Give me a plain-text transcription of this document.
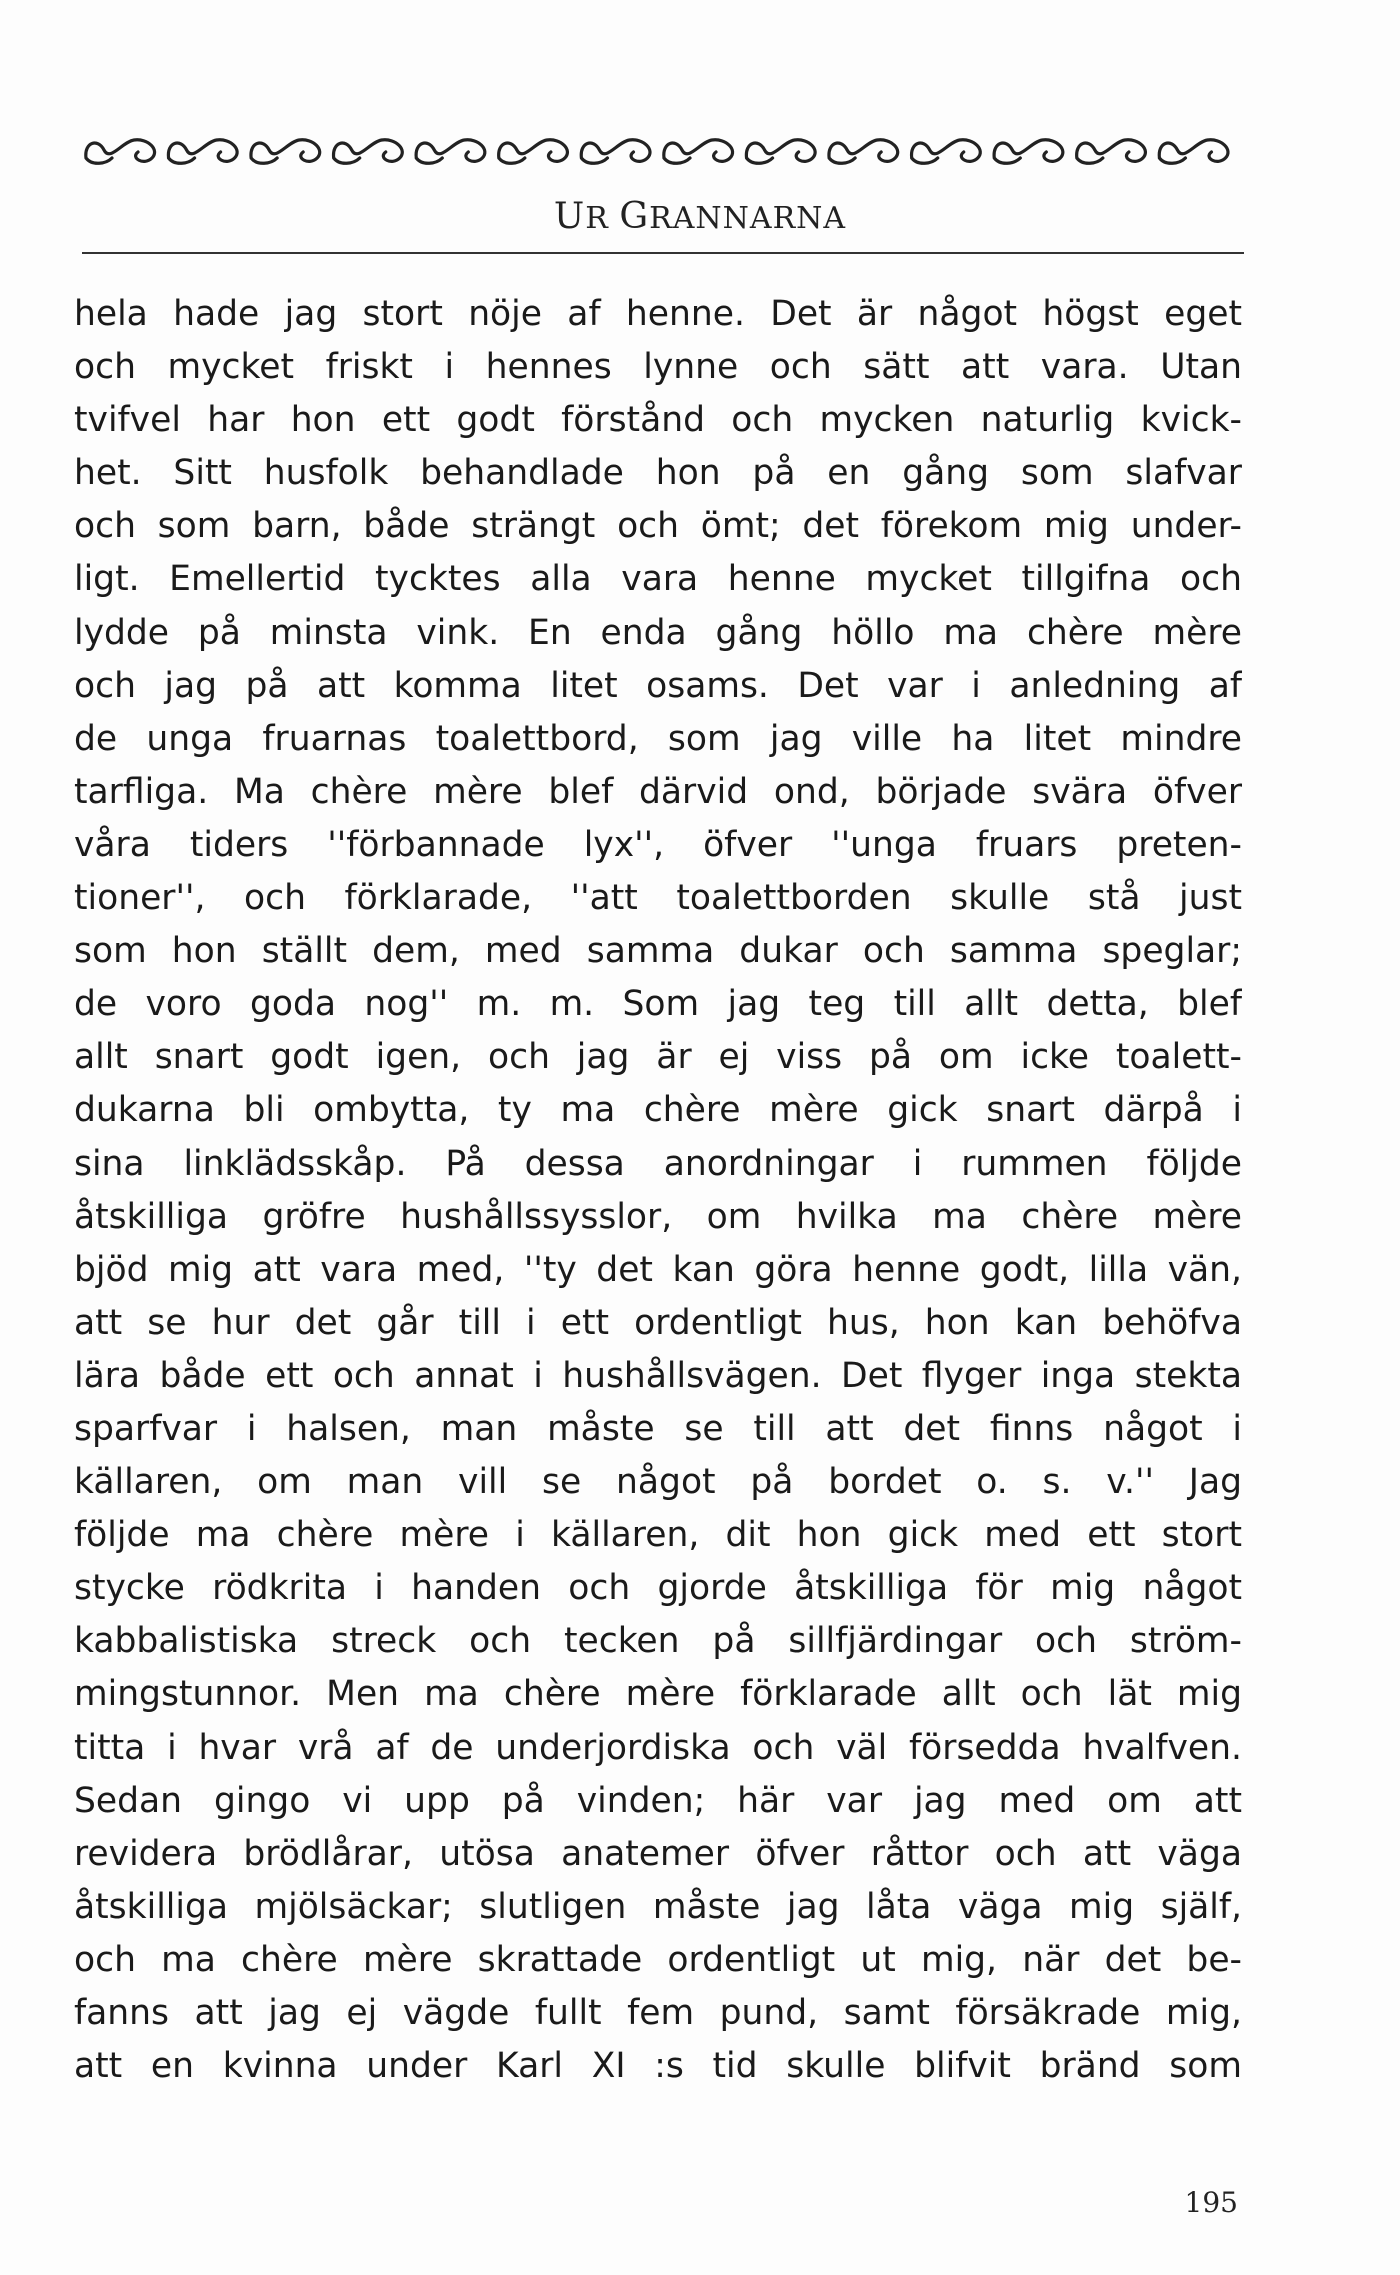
UR GRANNARNA
hela hade jag stort nöje af henne. Det är något högst eget
och mycket friskt i hennes lynne och sätt att vara. Utan
tvifvel har hon ett godt förstånd och mycken naturlig kvick-
het. Sitt husfolk behandlade hon på en gång som slafvar
och som barn, både strängt och ömt; det förekom mig under-
ligt. Emellertid tycktes alla vara henne mycket tillgifna och
lydde på minsta vink. En enda gång höllo ma chère mère
och jag på att komma litet osams. Det var i anledning af
de unga fruarnas toalettbord, som jag ville ha litet mindre
tarfliga. Ma chère mère blef därvid ond, började svära öfver
våra tiders ''förbannade lyx'', öfver ''unga fruars preten-
tioner'', och förklarade, ''att toalettborden skulle stå just
som hon ställt dem, med samma dukar och samma speglar;
de voro goda nog'' m. m. Som jag teg till allt detta, blef
allt snart godt igen, och jag är ej viss på om icke toalett-
dukarna bli ombytta, ty ma chère mère gick snart därpå i
sina linklädsskåp. På dessa anordningar i rummen följde
åtskilliga gröfre hushållssysslor, om hvilka ma chère mère
bjöd mig att vara med, ''ty det kan göra henne godt, lilla vän,
att se hur det går till i ett ordentligt hus, hon kan behöfva
lära både ett och annat i hushållsvägen. Det flyger inga stekta
sparfvar i halsen, man måste se till att det finns något i
källaren, om man vill se något på bordet o. s. v.'' Jag
följde ma chère mère i källaren, dit hon gick med ett stort
stycke rödkrita i handen och gjorde åtskilliga för mig något
kabbalistiska streck och tecken på sillfjärdingar och ström-
mingstunnor. Men ma chère mère förklarade allt och lät mig
titta i hvar vrå af de underjordiska och väl försedda hvalfven.
Sedan gingo vi upp på vinden; här var jag med om att
revidera brödlårar, utösa anatemer öfver råttor och att väga
åtskilliga mjölsäckar; slutligen måste jag låta väga mig själf,
och ma chère mère skrattade ordentligt ut mig, när det be-
fanns att jag ej vägde fullt fem pund, samt försäkrade mig,
att en kvinna under Karl XI :s tid skulle blifvit bränd som
195
